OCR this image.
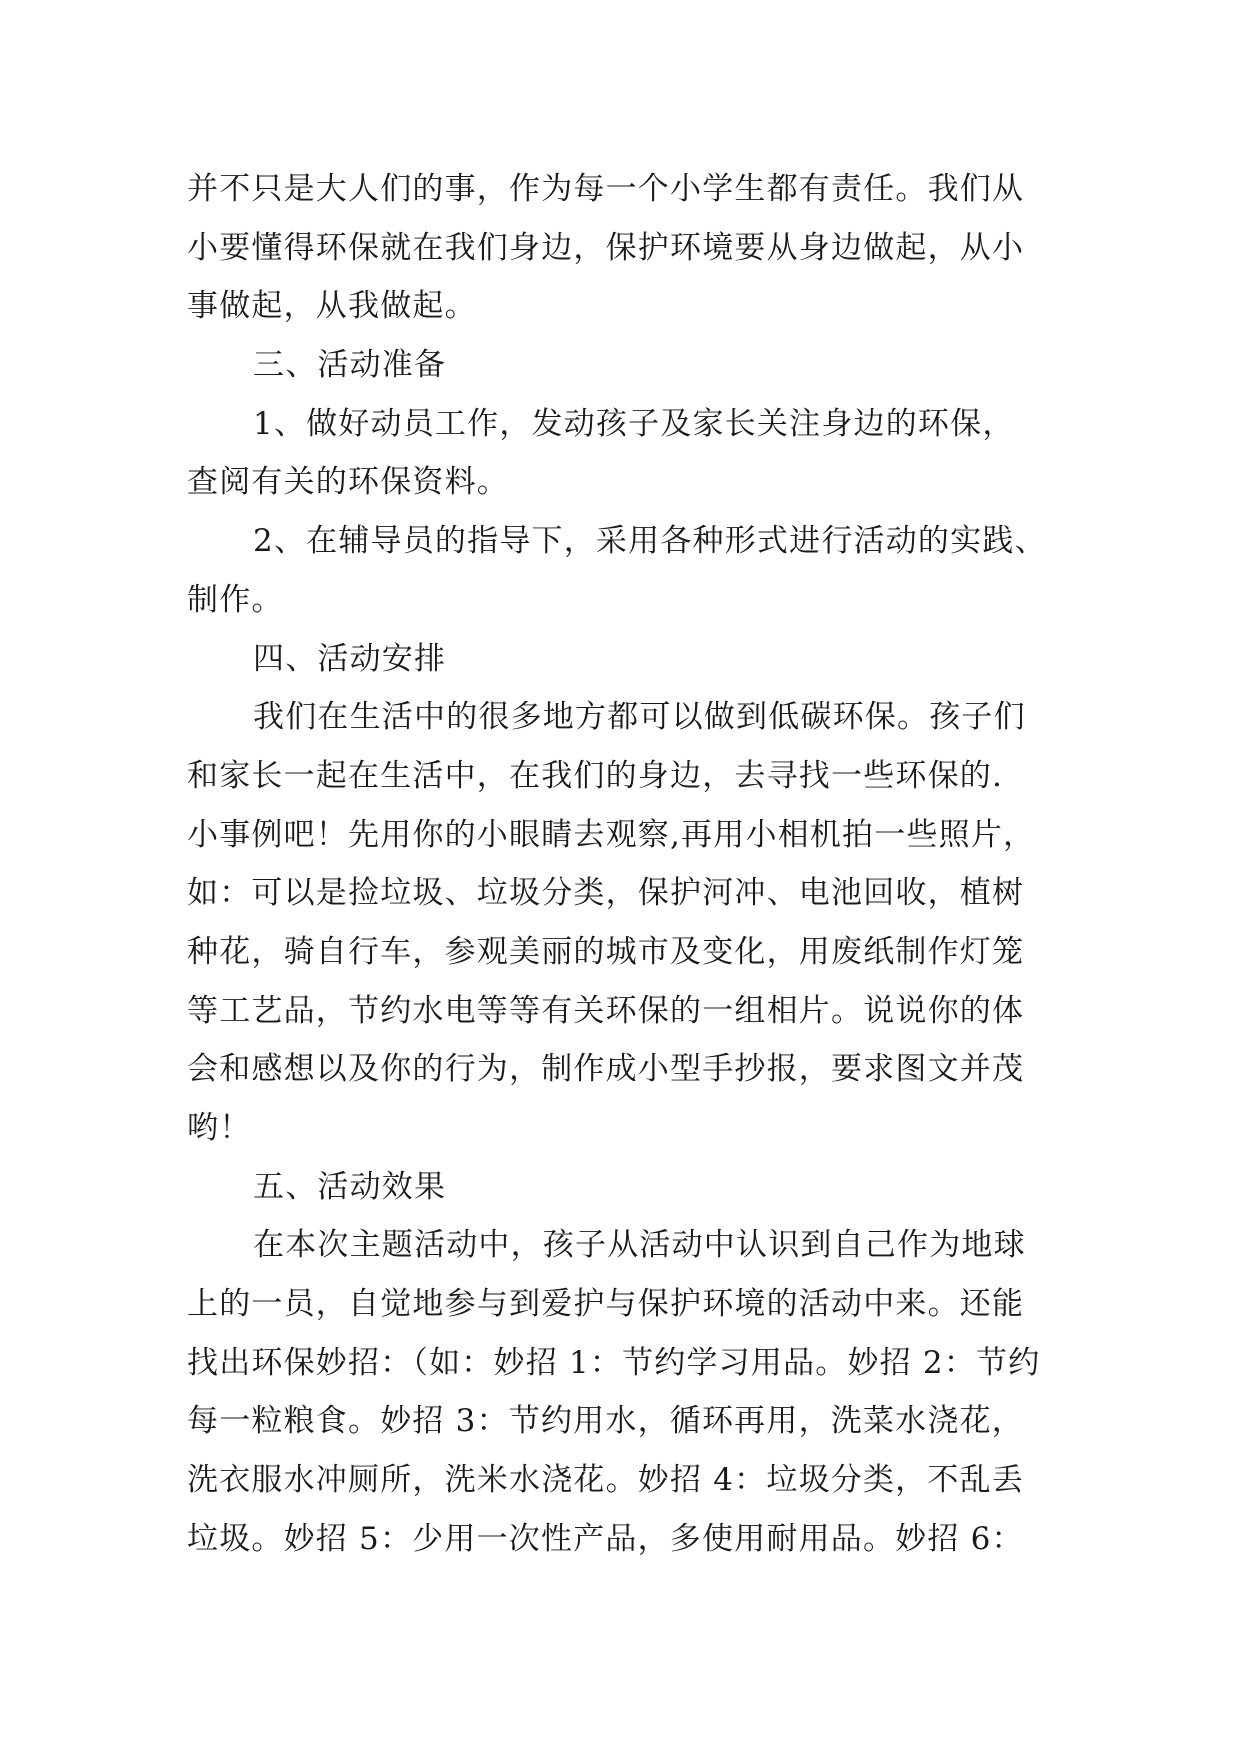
并不只是大人们的事，作为每一个小学生都有责任。我们从
小要懂得环保就在我们身边，保护环境要从身边做起，从小
事做起，从我做起。

三、活动准备

1、做好动员工作，发动孩子及家长关注身边的环保，
查阅有关的环保资料。

2、在辅导员的指导下，采用各种形式进行活动的实践、
制作。

四、活动安排

我们在生活中的很多地方都可以做到低碳环保。孩子们
和家长一起在生活中，在我们的身边，去寻找一些环保的.
小事例吧！先用你的小眼睛去观察,再用小相机拍一些照片，
如：可以是捡垃圾、垃圾分类，保护河冲、电池回收，植树
种花，骑自行车，参观美丽的城市及变化，用废纸制作灯笼
等工艺品，节约水电等等有关环保的一组相片。说说你的体
会和感想以及你的行为，制作成小型手抄报，要求图文并茂
哟！

五、活动效果

在本次主题活动中，孩子从活动中认识到自己作为地球
上的一员，自觉地参与到爱护与保护环境的活动中来。还能
找出环保妙招：（如：妙招 1：节约学习用品。妙招 2：节约
每一粒粮食。妙招 3：节约用水，循环再用，洗菜水浇花，
洗衣服水冲厕所，洗米水浇花。妙招 4：垃圾分类，不乱丢
垃圾。妙招 5：少用一次性产品，多使用耐用品。妙招 6：
